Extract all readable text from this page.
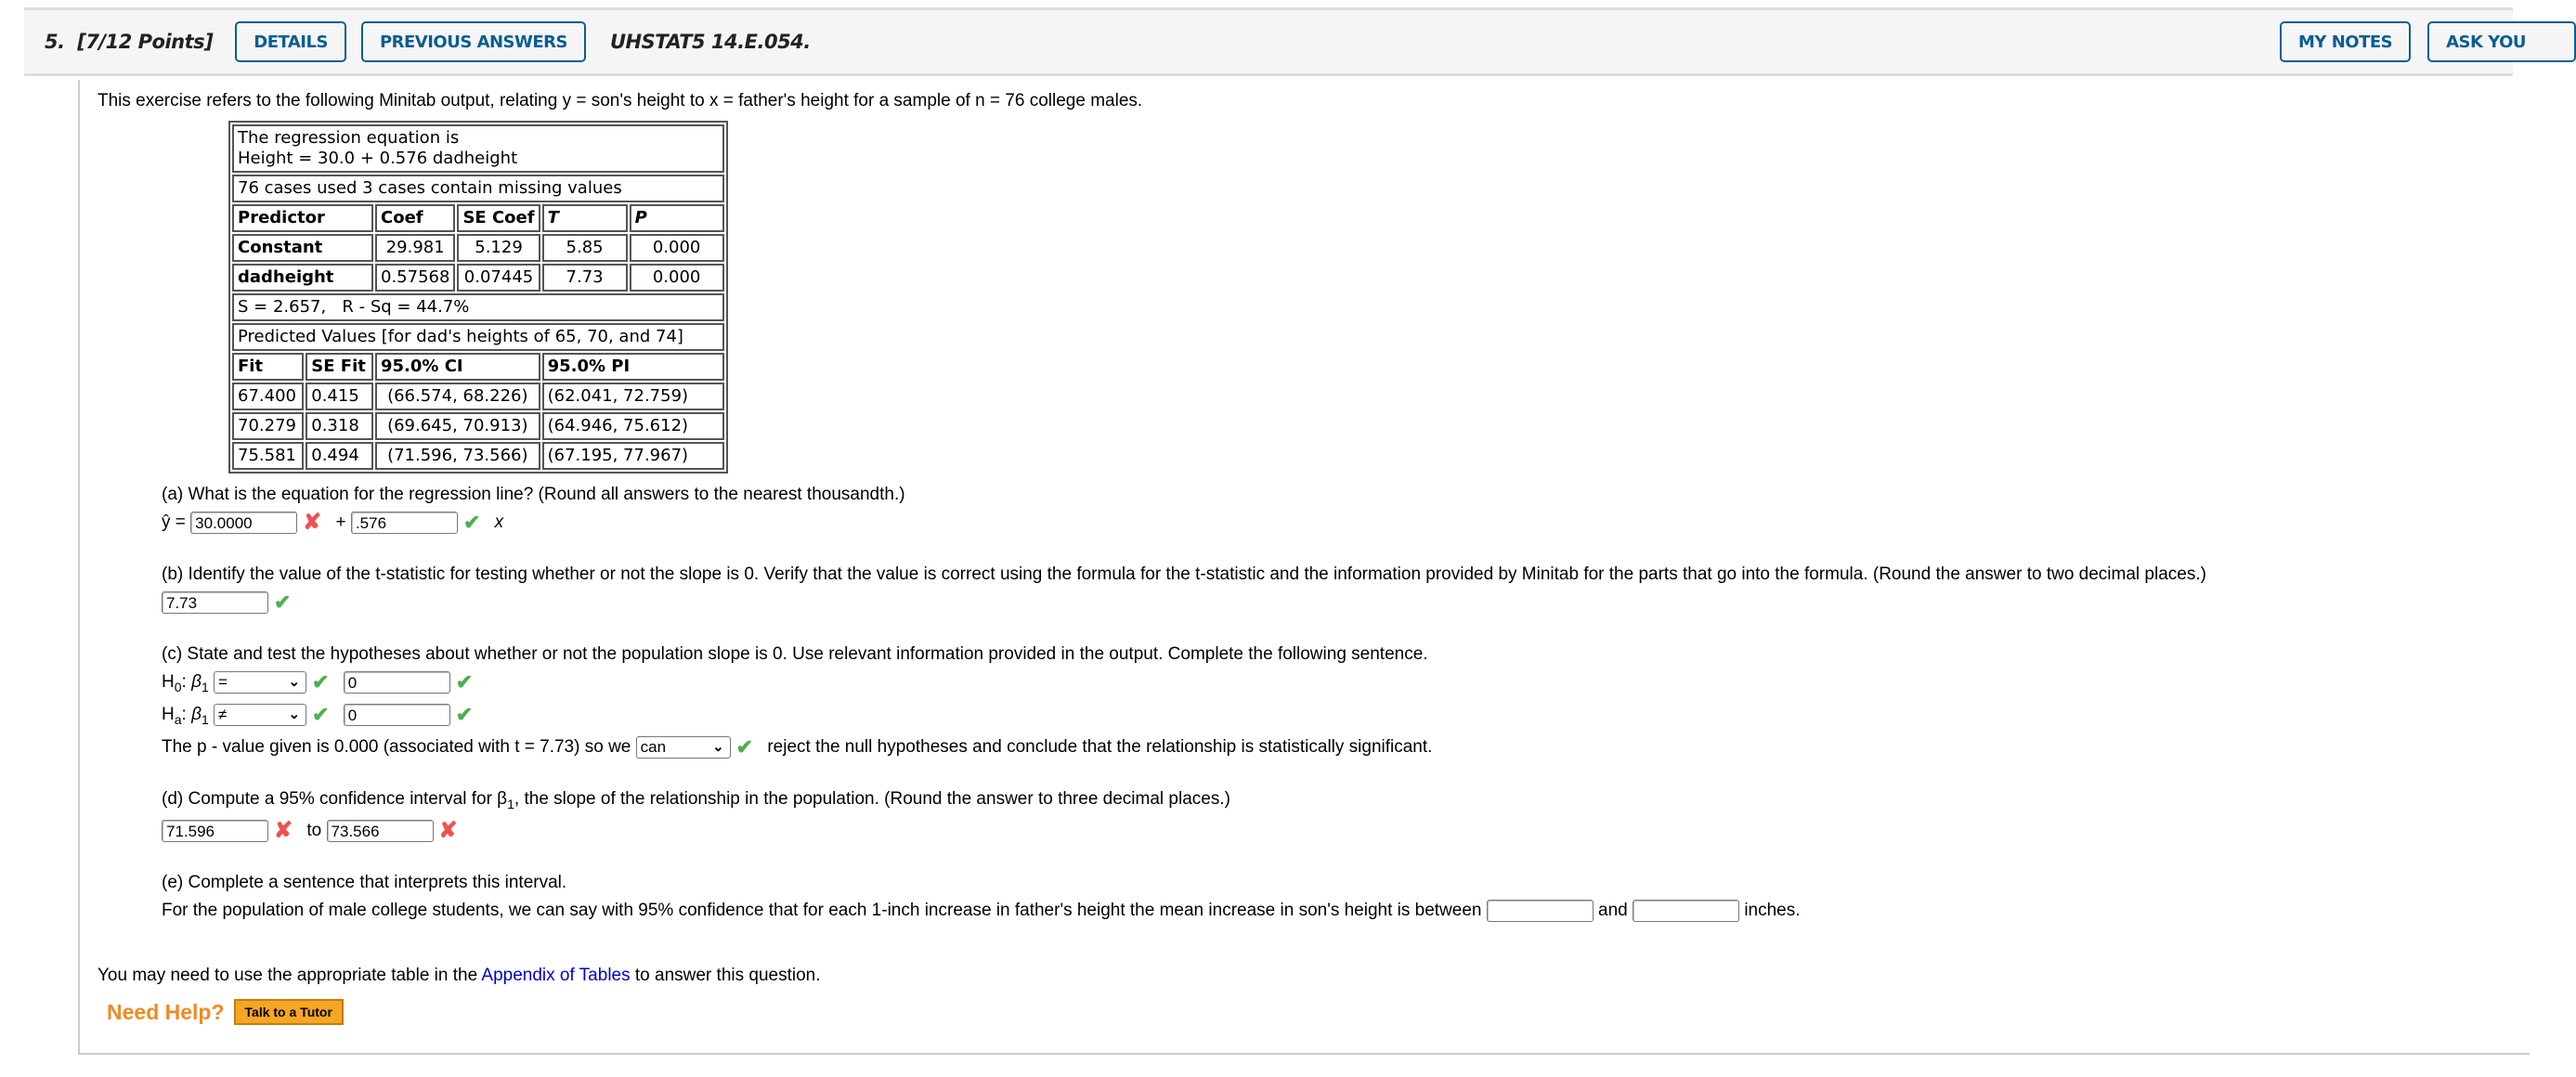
5. [7/12 Points]	DETAILS	PREVIOUS ANSWERS	UHSTAT5 14.E.054.	MY NOTES	ASK YOU
This exercise refers to the following Minitab output, relating y = son's height to x = father's height for a sample of n = 76 college males.
The regression equation is
Height = 30.0 + 0.576 dadheight					

76 cases used 3 cases contain missing values					
Predictor		Coef	SE Coef	T	P
Constant		29.981	5.129	5.85	0.000
dadheight		0.57568	0.07445	7.73	0.000
S = 2.657,   R - Sq = 44.7%					
Predicted Values [for dad's heights of 65, 70, and 74]					
Fit	SE Fit	95.0% CI		95.0% PI	
67.400	0.415	(66.574, 68.226)		(62.041, 72.759)	
70.279	0.318	(69.645, 70.913)		(64.946, 75.612)	
75.581	0.494	(71.596, 73.566)		(67.195, 77.967)	
(a) What is the equation for the regression line? (Round all answers to the nearest thousandth.)
ŷ = 30.0000 ✘ + .576	✔ x
(b) Identify the value of the t-statistic for testing whether or not the slope is 0. Verify that the value is correct using the formula for the t-statistic and the information provided by Minitab for the parts that go into the formula. (Round the answer to two decimal places.)
7.73	✔
(c) State and test the hypotheses about whether or not the population slope is 0. Use relevant information provided in the output. Complete the following sentence.
$H_0$: $\beta_1$ =	⌄ ✔ 0	✔
$H_a$: $\beta_1$ ≠	⌄ ✔ 0	✔
The p - value given is 0.000 (associated with t = 7.73) so we can	⌄ ✔ reject the null hypotheses and conclude that the relationship is statistically significant.
(d) Compute a 95% confidence interval for $\beta_1$, the slope of the relationship in the population. (Round the answer to three decimal places.)
71.596	✘ to 73.566	✘
(e) Complete a sentence that interprets this interval.
For the population of male college students, we can say with 95% confidence that for each 1-inch increase in father's height the mean increase in son's height is between	and	inches.
You may need to use the appropriate table in the Appendix of Tables to answer this question.
Need Help?	Talk to a Tutor
